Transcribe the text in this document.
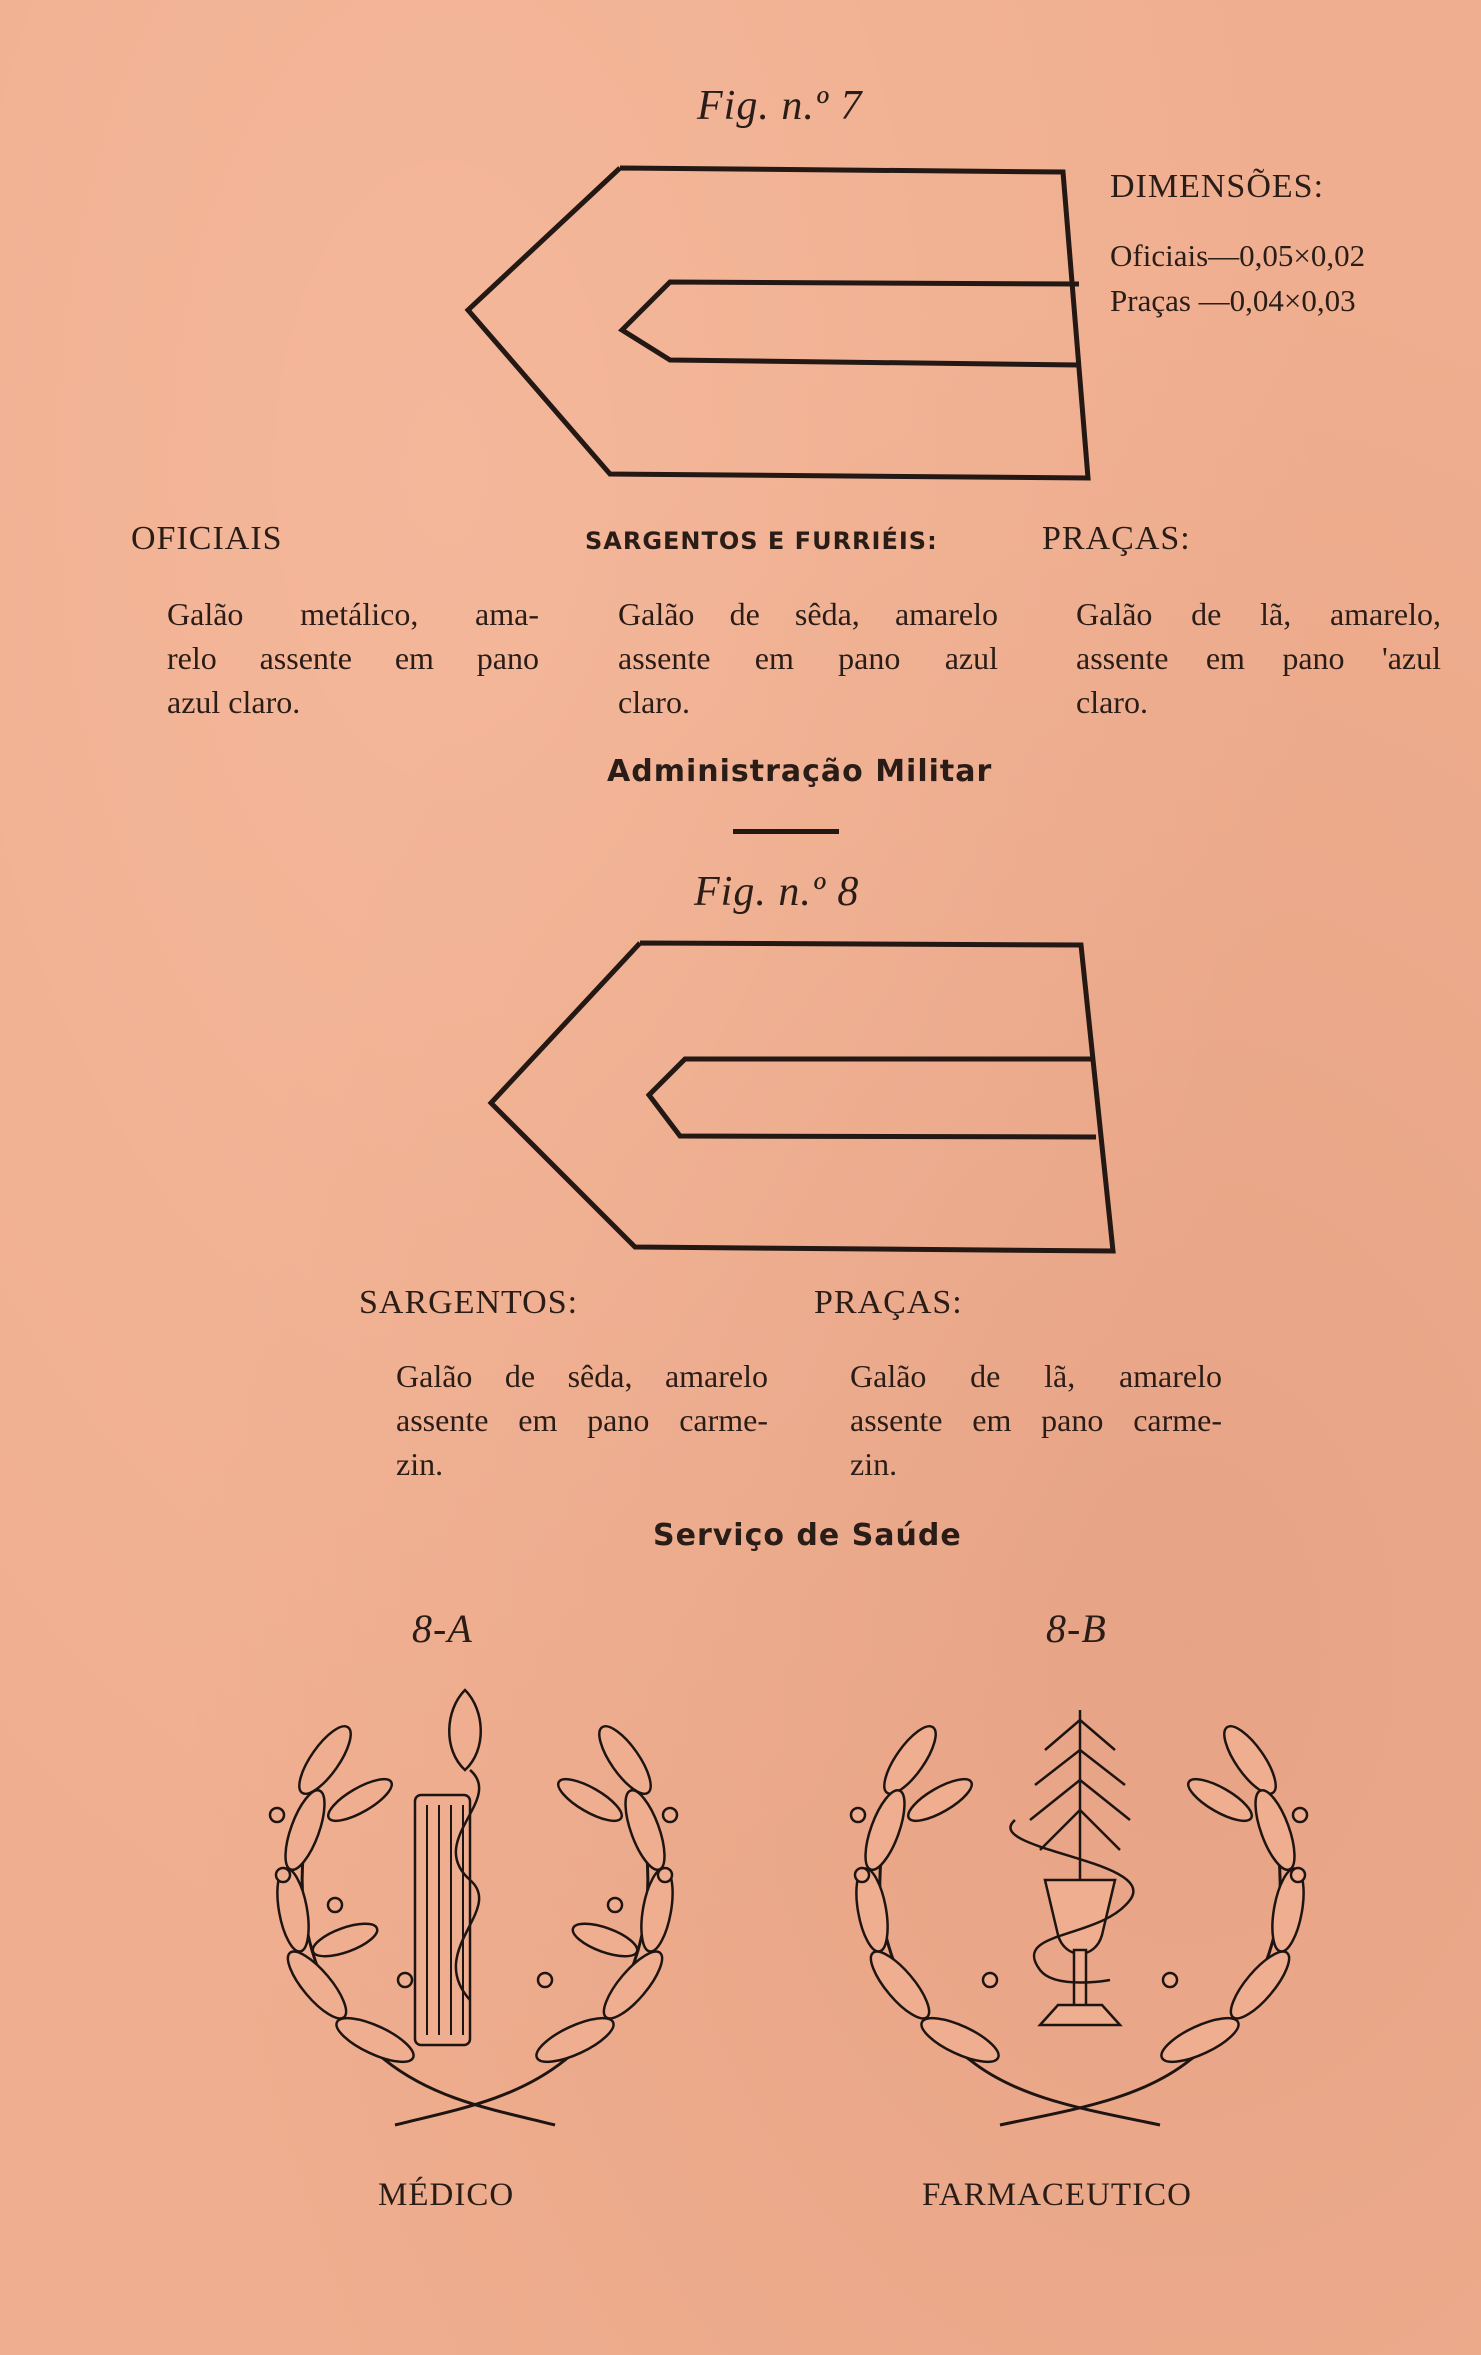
Fig. n.º 7
DIMENSÕES:
Oficiais—0,05×0,02
Praças —0,04×0,03
OFICIAIS
Galão metálico, ama-
relo assente em pano
azul claro.
SARGENTOS E FURRIÉIS:
Galão de sêda, amarelo
assente em pano azul
claro.
PRAÇAS:
Galão de lã, amarelo,
assente em pano 'azul
claro.
Administração Militar
Fig. n.º 8
SARGENTOS:
Galão de sêda, amarelo
assente em pano carme-
zin.
PRAÇAS:
Galão de lã, amarelo
assente em pano carme-
zin.
Serviço de Saúde
8-A	8-B
MÉDICO	FARMACEUTICO
